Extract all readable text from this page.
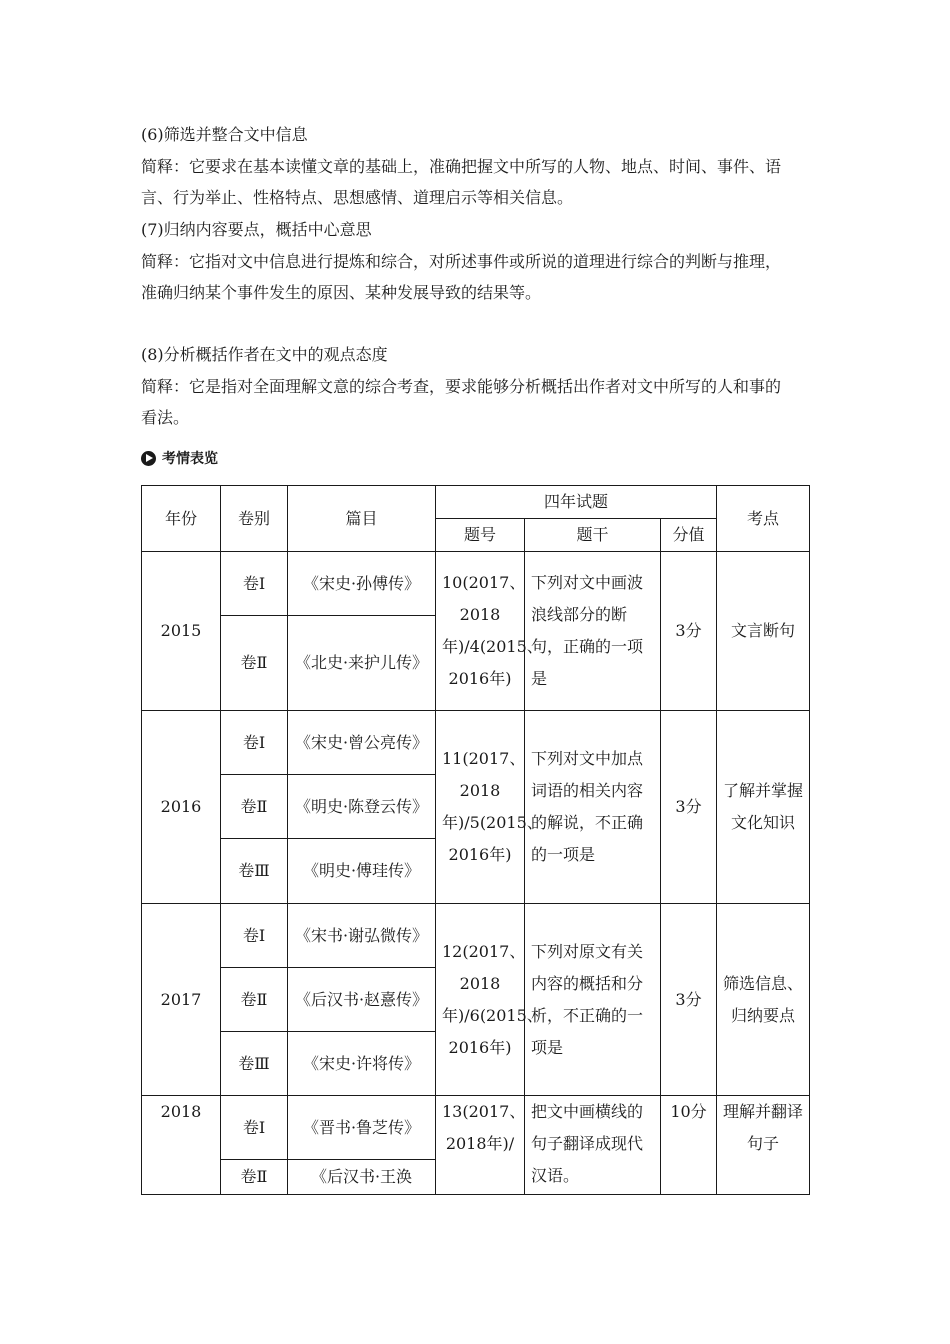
(6)筛选并整合文中信息
简释：它要求在基本读懂文章的基础上，准确把握文中所写的人物、地点、时间、事件、语
言、行为举止、性格特点、思想感情、道理启示等相关信息。
(7)归纳内容要点，概括中心意思
简释：它指对文中信息进行提炼和综合，对所述事件或所说的道理进行综合的判断与推理，
准确归纳某个事件发生的原因、某种发展导致的结果等。
(8)分析概括作者在文中的观点态度
简释：它是指对全面理解文意的综合考查，要求能够分析概括出作者对文中所写的人和事的
看法。
考情表览
年份	卷别	篇目	四年试题			考点
			题号	题干	分值	
2015	卷Ⅰ	《宋史·孙傅传》	10(2017、2018年)/4(2015、2016年)	下列对文中画波浪线部分的断句，正确的一项是	3分	文言断句
	卷Ⅱ	《北史·来护儿传》				
2016	卷Ⅰ	《宋史·曾公亮传》	11(2017、2018年)/5(2015、2016年)	下列对文中加点词语的相关内容的解说，不正确的一项是	3分	了解并掌握文化知识
	卷Ⅱ	《明史·陈登云传》				
	卷Ⅲ	《明史·傅珪传》				
2017	卷Ⅰ	《宋书·谢弘微传》	12(2017、2018年)/6(2015、2016年)	下列对原文有关内容的概括和分析，不正确的一项是	3分	筛选信息、归纳要点
	卷Ⅱ	《后汉书·赵憙传》				
	卷Ⅲ	《宋史·许将传》				
2018	卷Ⅰ	《晋书·鲁芝传》	13(2017、2018年)/	把文中画横线的句子翻译成现代汉语。	10分	理解并翻译句子
	卷Ⅱ	《后汉书·王涣				
